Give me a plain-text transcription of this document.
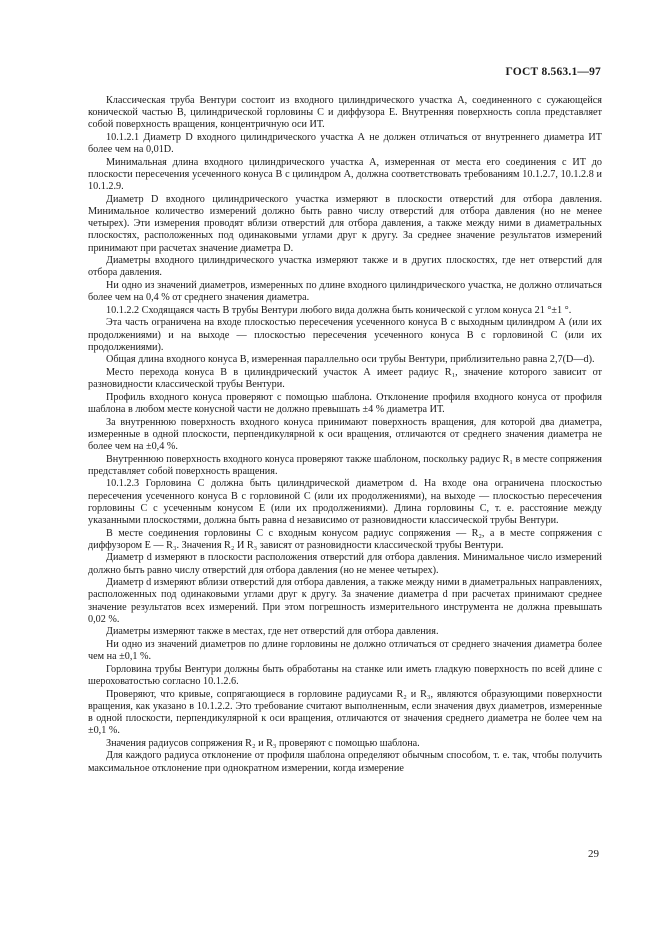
ГОСТ 8.563.1—97

Классическая труба Вентури состоит из входного цилиндрического участка А, соединенного с сужающейся конической частью В, цилиндрической горловины С и диффузора Е. Внутренняя поверхность сопла представляет собой поверхность вращения, концентричную оси ИТ.

10.1.2.1 Диаметр D входного цилиндрического участка А не должен отличаться от внутреннего диаметра ИТ более чем на 0,01D.

Минимальная длина входного цилиндрического участка А, измеренная от места его соединения с ИТ до плоскости пересечения усеченного конуса В с цилиндром А, должна соответствовать требованиям 10.1.2.7, 10.1.2.8 и 10.1.2.9.

Диаметр D входного цилиндрического участка измеряют в плоскости отверстий для отбора давления. Минимальное количество измерений должно быть равно числу отверстий для отбора давления (но не менее четырех). Эти измерения проводят вблизи отверстий для отбора давления, а также между ними в диаметральных плоскостях, расположенных под одинаковыми углами друг к другу. За среднее значение результатов измерений принимают при расчетах значение диаметра D.

Диаметры входного цилиндрического участка измеряют также и в других плоскостях, где нет отверстий для отбора давления.

Ни одно из значений диаметров, измеренных по длине входного цилиндрического участка, не должно отличаться более чем на 0,4 % от среднего значения диаметра.

10.1.2.2 Сходящаяся часть В трубы Вентури любого вида должна быть конической с углом конуса 21 °±1 °.

Эта часть ограничена на входе плоскостью пересечения усеченного конуса В с выходным цилиндром А (или их продолжениями) и на выходе — плоскостью пересечения усеченного конуса В с горловиной С (или их продолжениями).

Общая длина входного конуса В, измеренная параллельно оси трубы Вентури, приблизительно равна 2,7(D—d).

Место перехода конуса В в цилиндрический участок А имеет радиус R₁, значение которого зависит от разновидности классической трубы Вентури.

Профиль входного конуса проверяют с помощью шаблона. Отклонение профиля входного конуса от профиля шаблона в любом месте конусной части не должно превышать ±4 % диаметра ИТ.

За внутреннюю поверхность входного конуса принимают поверхность вращения, для которой два диаметра, измеренные в одной плоскости, перпендикулярной к оси вращения, отличаются от среднего значения диаметра не более чем на ±0,4 %.

Внутреннюю поверхность входного конуса проверяют также шаблоном, поскольку радиус R₁ в месте сопряжения представляет собой поверхность вращения.

10.1.2.3 Горловина С должна быть цилиндрической диаметром d. На входе она ограничена плоскостью пересечения усеченного конуса В с горловиной С (или их продолжениями), на выходе — плоскостью пересечения горловины С с усеченным конусом Е (или их продолжениями). Длина горловины С, т. е. расстояние между указанными плоскостями, должна быть равна d независимо от разновидности классической трубы Вентури.

В месте соединения горловины С с входным конусом радиус сопряжения — R₂, а в месте сопряжения с диффузором Е — R₃. Значения R₂ И R₃ зависят от разновидности классической трубы Вентури.

Диаметр d измеряют в плоскости расположения отверстий для отбора давления. Минимальное число измерений должно быть равно числу отверстий для отбора давления (но не менее четырех).

Диаметр d измеряют вблизи отверстий для отбора давления, а также между ними в диаметральных направлениях, расположенных под одинаковыми углами друг к другу. За значение диаметра d при расчетах принимают среднее значение результатов всех измерений. При этом погрешность измерительного инструмента не должна превышать 0,02 %.

Диаметры измеряют также в местах, где нет отверстий для отбора давления.

Ни одно из значений диаметров по длине горловины не должно отличаться от среднего значения диаметра более чем на ±0,1 %.

Горловина трубы Вентури должны быть обработаны на станке или иметь гладкую поверхность по всей длине с шероховатостью согласно 10.1.2.6.

Проверяют, что кривые, сопрягающиеся в горловине радиусами R₂ и R₃, являются образующими поверхности вращения, как указано в 10.1.2.2. Это требование считают выполненным, если значения двух диаметров, измеренные в одной плоскости, перпендикулярной к оси вращения, отличаются от значения среднего диаметра не более чем на ±0,1 %.

Значения радиусов сопряжения R₂ и R₃ проверяют с помощью шаблона.

Для каждого радиуса отклонение от профиля шаблона определяют обычным способом, т. е. так, чтобы получить максимальное отклонение при однократном измерении, когда измерение

29
